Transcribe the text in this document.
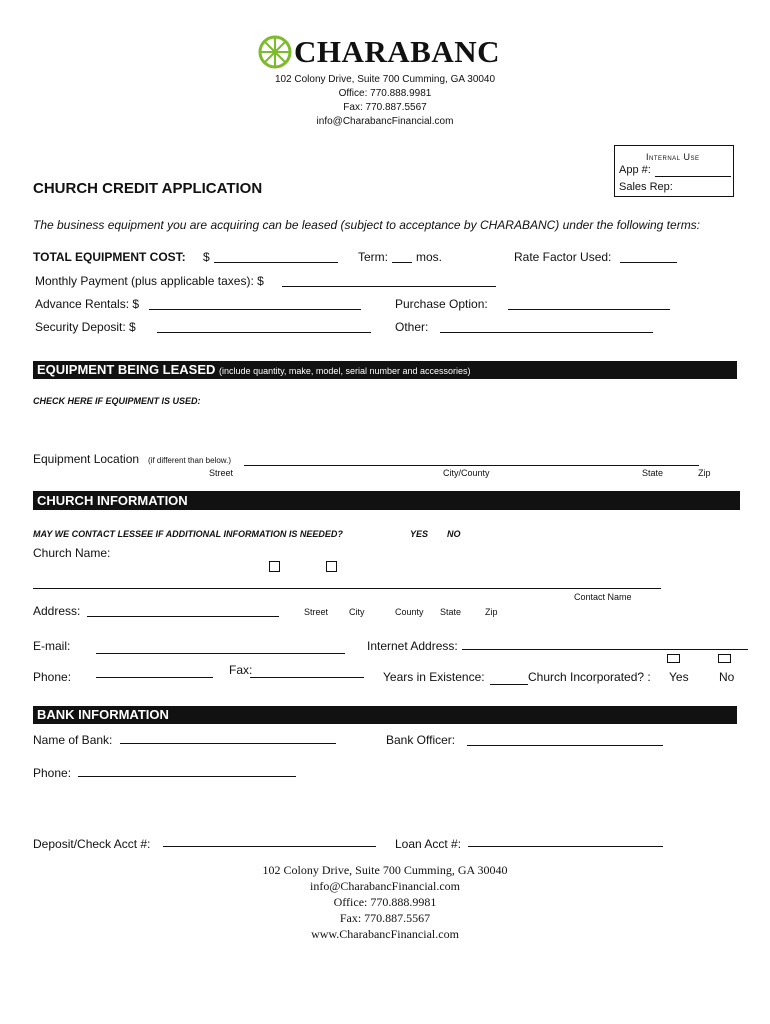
CHARABANC
102 Colony Drive, Suite 700 Cumming, GA 30040
Office: 770.888.9981
Fax: 770.887.5567
info@CharabancFinancial.com
Internal Use
App #:
Sales Rep:
CHURCH CREDIT APPLICATION
The business equipment you are acquiring can be leased (subject to acceptance by CHARABANC) under the following terms:
TOTAL EQUIPMENT COST: $	Term: mos.	Rate Factor Used:
Monthly Payment (plus applicable taxes): $
Advance Rentals: $	Purchase Option:
Security Deposit: $	Other:
EQUIPMENT BEING LEASED (include quantity, make, model, serial number and accessories)
CHECK HERE IF EQUIPMENT IS USED:
Equipment Location (if different than below.)
Street	City/County	State	Zip
CHURCH INFORMATION
MAY WE CONTACT LESSEE IF ADDITIONAL INFORMATION IS NEEDED?	YES NO
Church Name:
Contact Name
Address:	Street City	County State	Zip
E-mail:	Internet Address:
Phone:	Fax:	Years in Existence:	Church Incorporated? : Yes	No
BANK INFORMATION
Name of Bank:	Bank Officer:
Phone:
Deposit/Check Acct #:	Loan Acct #:
102 Colony Drive, Suite 700 Cumming, GA 30040
info@CharabancFinancial.com
Office: 770.888.9981
Fax: 770.887.5567
www.CharabancFinancial.com
